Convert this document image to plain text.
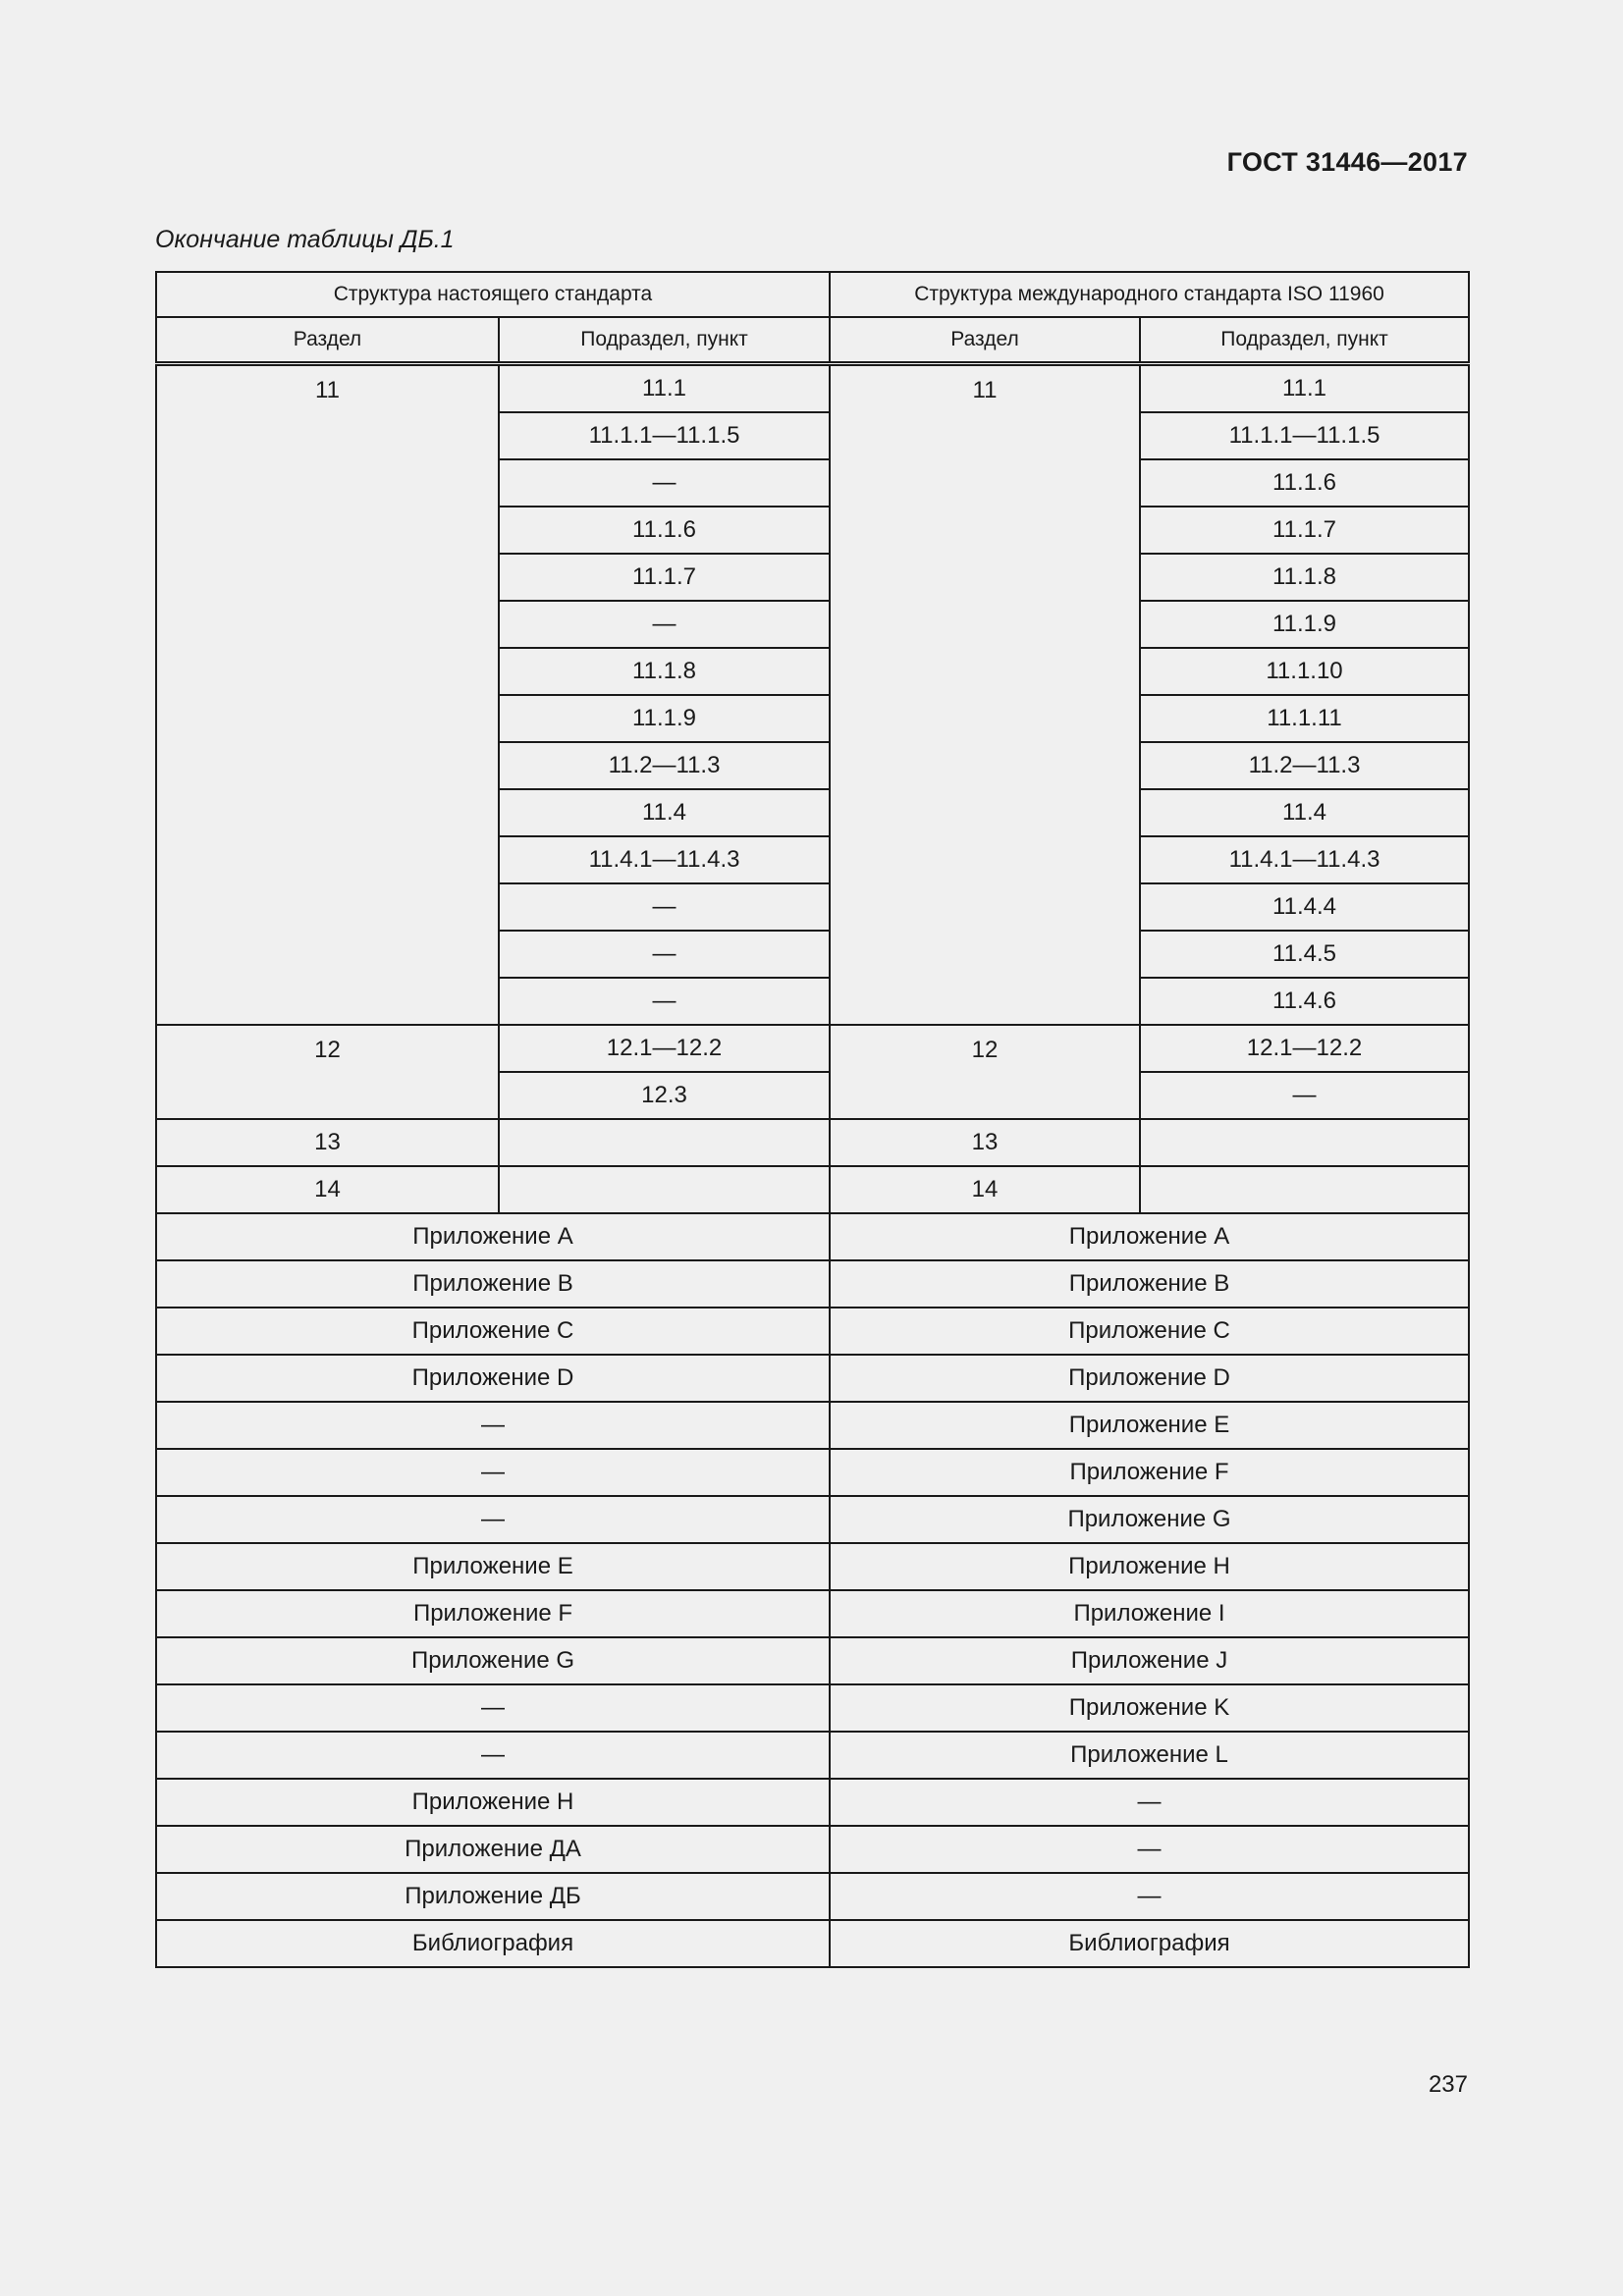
ГОСТ 31446—2017
Окончание таблицы ДБ.1
Структура настоящего стандарта		Структура международного стандарта ISO 11960	
Раздел	Подраздел, пункт	Раздел	Подраздел, пункт
11	11.1	11	11.1
	11.1.1—11.1.5		11.1.1—11.1.5
	—		11.1.6
	11.1.6		11.1.7
	11.1.7		11.1.8
	—		11.1.9
	11.1.8		11.1.10
	11.1.9		11.1.11
	11.2—11.3		11.2—11.3
	11.4		11.4
	11.4.1—11.4.3		11.4.1—11.4.3
	—		11.4.4
	—		11.4.5
	—		11.4.6
12	12.1—12.2	12	12.1—12.2
	12.3		—
13		13	
14		14	
Приложение A		Приложение A	
Приложение B		Приложение B	
Приложение C		Приложение C	
Приложение D		Приложение D	
—		Приложение E	
—		Приложение F	
—		Приложение G	
Приложение E		Приложение H	
Приложение F		Приложение I	
Приложение G		Приложение J	
—		Приложение K	
—		Приложение L	
Приложение H		—	
Приложение ДА		—	
Приложение ДБ		—	
Библиография		Библиография	
237
